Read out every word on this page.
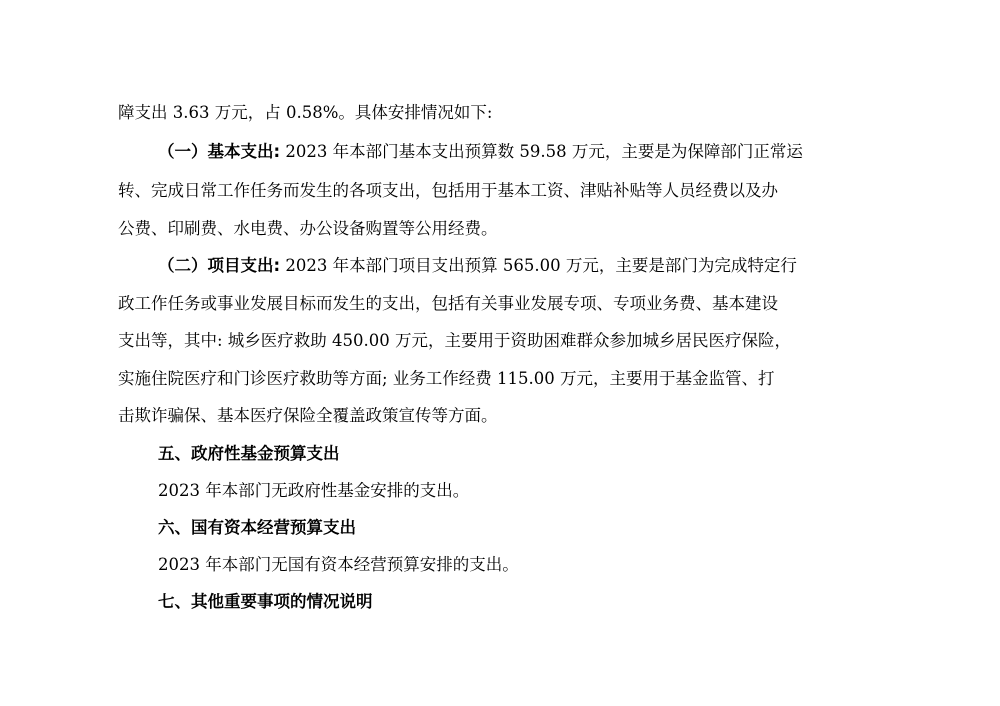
障支出 3.63 万元，占 0.58%。具体安排情况如下:
（一）基本支出: 2023 年本部门基本支出预算数 59.58 万元，主要是为保障部门正常运
转、完成日常工作任务而发生的各项支出，包括用于基本工资、津贴补贴等人员经费以及办
公费、印刷费、水电费、办公设备购置等公用经费。
（二）项目支出: 2023 年本部门项目支出预算 565.00 万元，主要是部门为完成特定行
政工作任务或事业发展目标而发生的支出，包括有关事业发展专项、专项业务费、基本建设
支出等，其中: 城乡医疗救助 450.00 万元，主要用于资助困难群众参加城乡居民医疗保险，
实施住院医疗和门诊医疗救助等方面; 业务工作经费 115.00 万元，主要用于基金监管、打
击欺诈骗保、基本医疗保险全覆盖政策宣传等方面。
五、政府性基金预算支出
2023 年本部门无政府性基金安排的支出。
六、国有资本经营预算支出
2023 年本部门无国有资本经营预算安排的支出。
七、其他重要事项的情况说明
